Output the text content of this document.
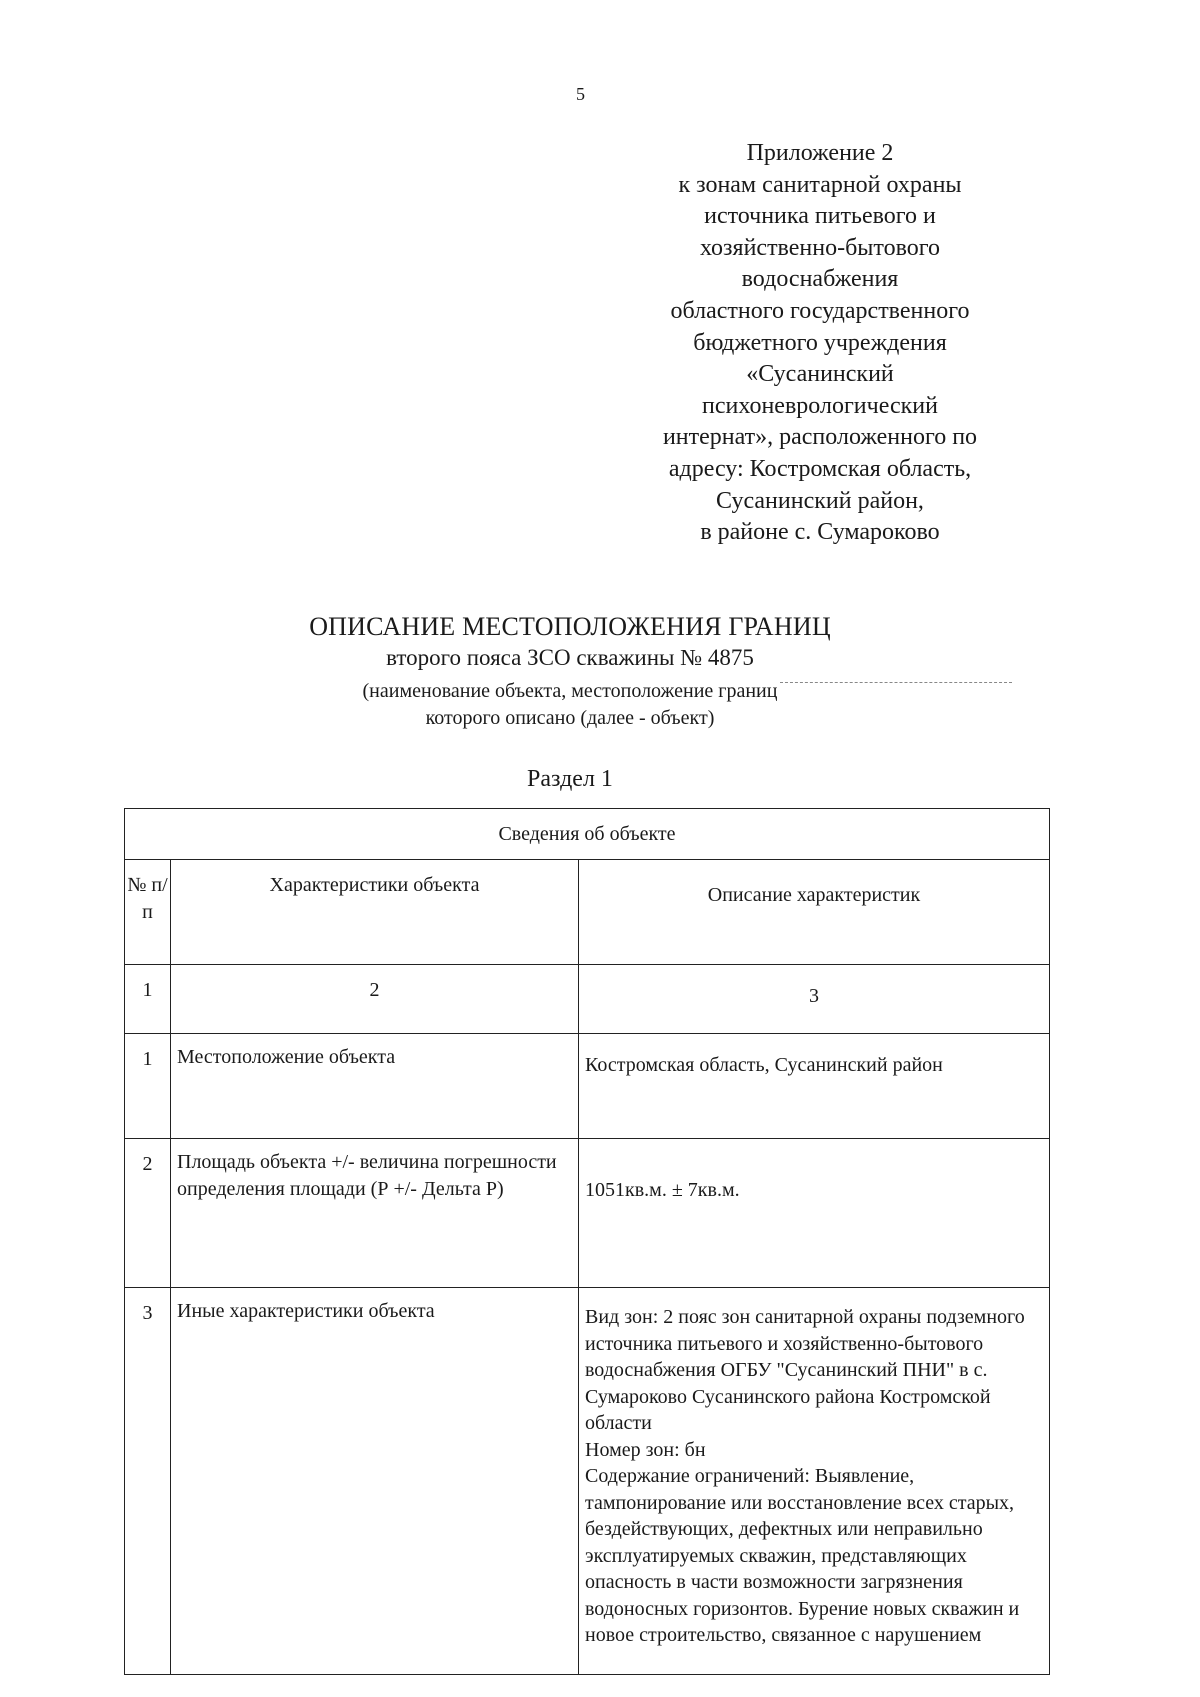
5
Приложение 2
к зонам санитарной охраны
источника питьевого и
хозяйственно-бытового
водоснабжения
областного государственного
бюджетного учреждения
«Сусанинский
психоневрологический
интернат», расположенного по
адресу: Костромская область,
Сусанинский район,
в районе с. Сумароково
ОПИСАНИЕ МЕСТОПОЛОЖЕНИЯ ГРАНИЦ
второго пояса ЗСО скважины № 4875
(наименование объекта, местоположение границ
которого описано (далее - объект)
Раздел 1
Сведения об объекте		
№ п/п	Характеристики объекта	Описание характеристик
1	2	3
1	Местоположение объекта	Костромская область, Сусанинский район
2	Площадь объекта +/- величина погрешности определения площади (Р +/- Дельта Р)	1051кв.м. ± 7кв.м.
3	Иные характеристики объекта	Вид зон: 2 пояс зон санитарной охраны подземного источника питьевого и хозяйственно-бытового водоснабжения ОГБУ "Сусанинский ПНИ" в с. Сумароково Сусанинского района Костромской области
Номер зон: бн
Содержание ограничений: Выявление, тампонирование или восстановление всех старых, бездействующих, дефектных или неправильно эксплуатируемых скважин, представляющих опасность в части возможности загрязнения водоносных горизонтов. Бурение новых скважин и новое строительство, связанное с нарушением
